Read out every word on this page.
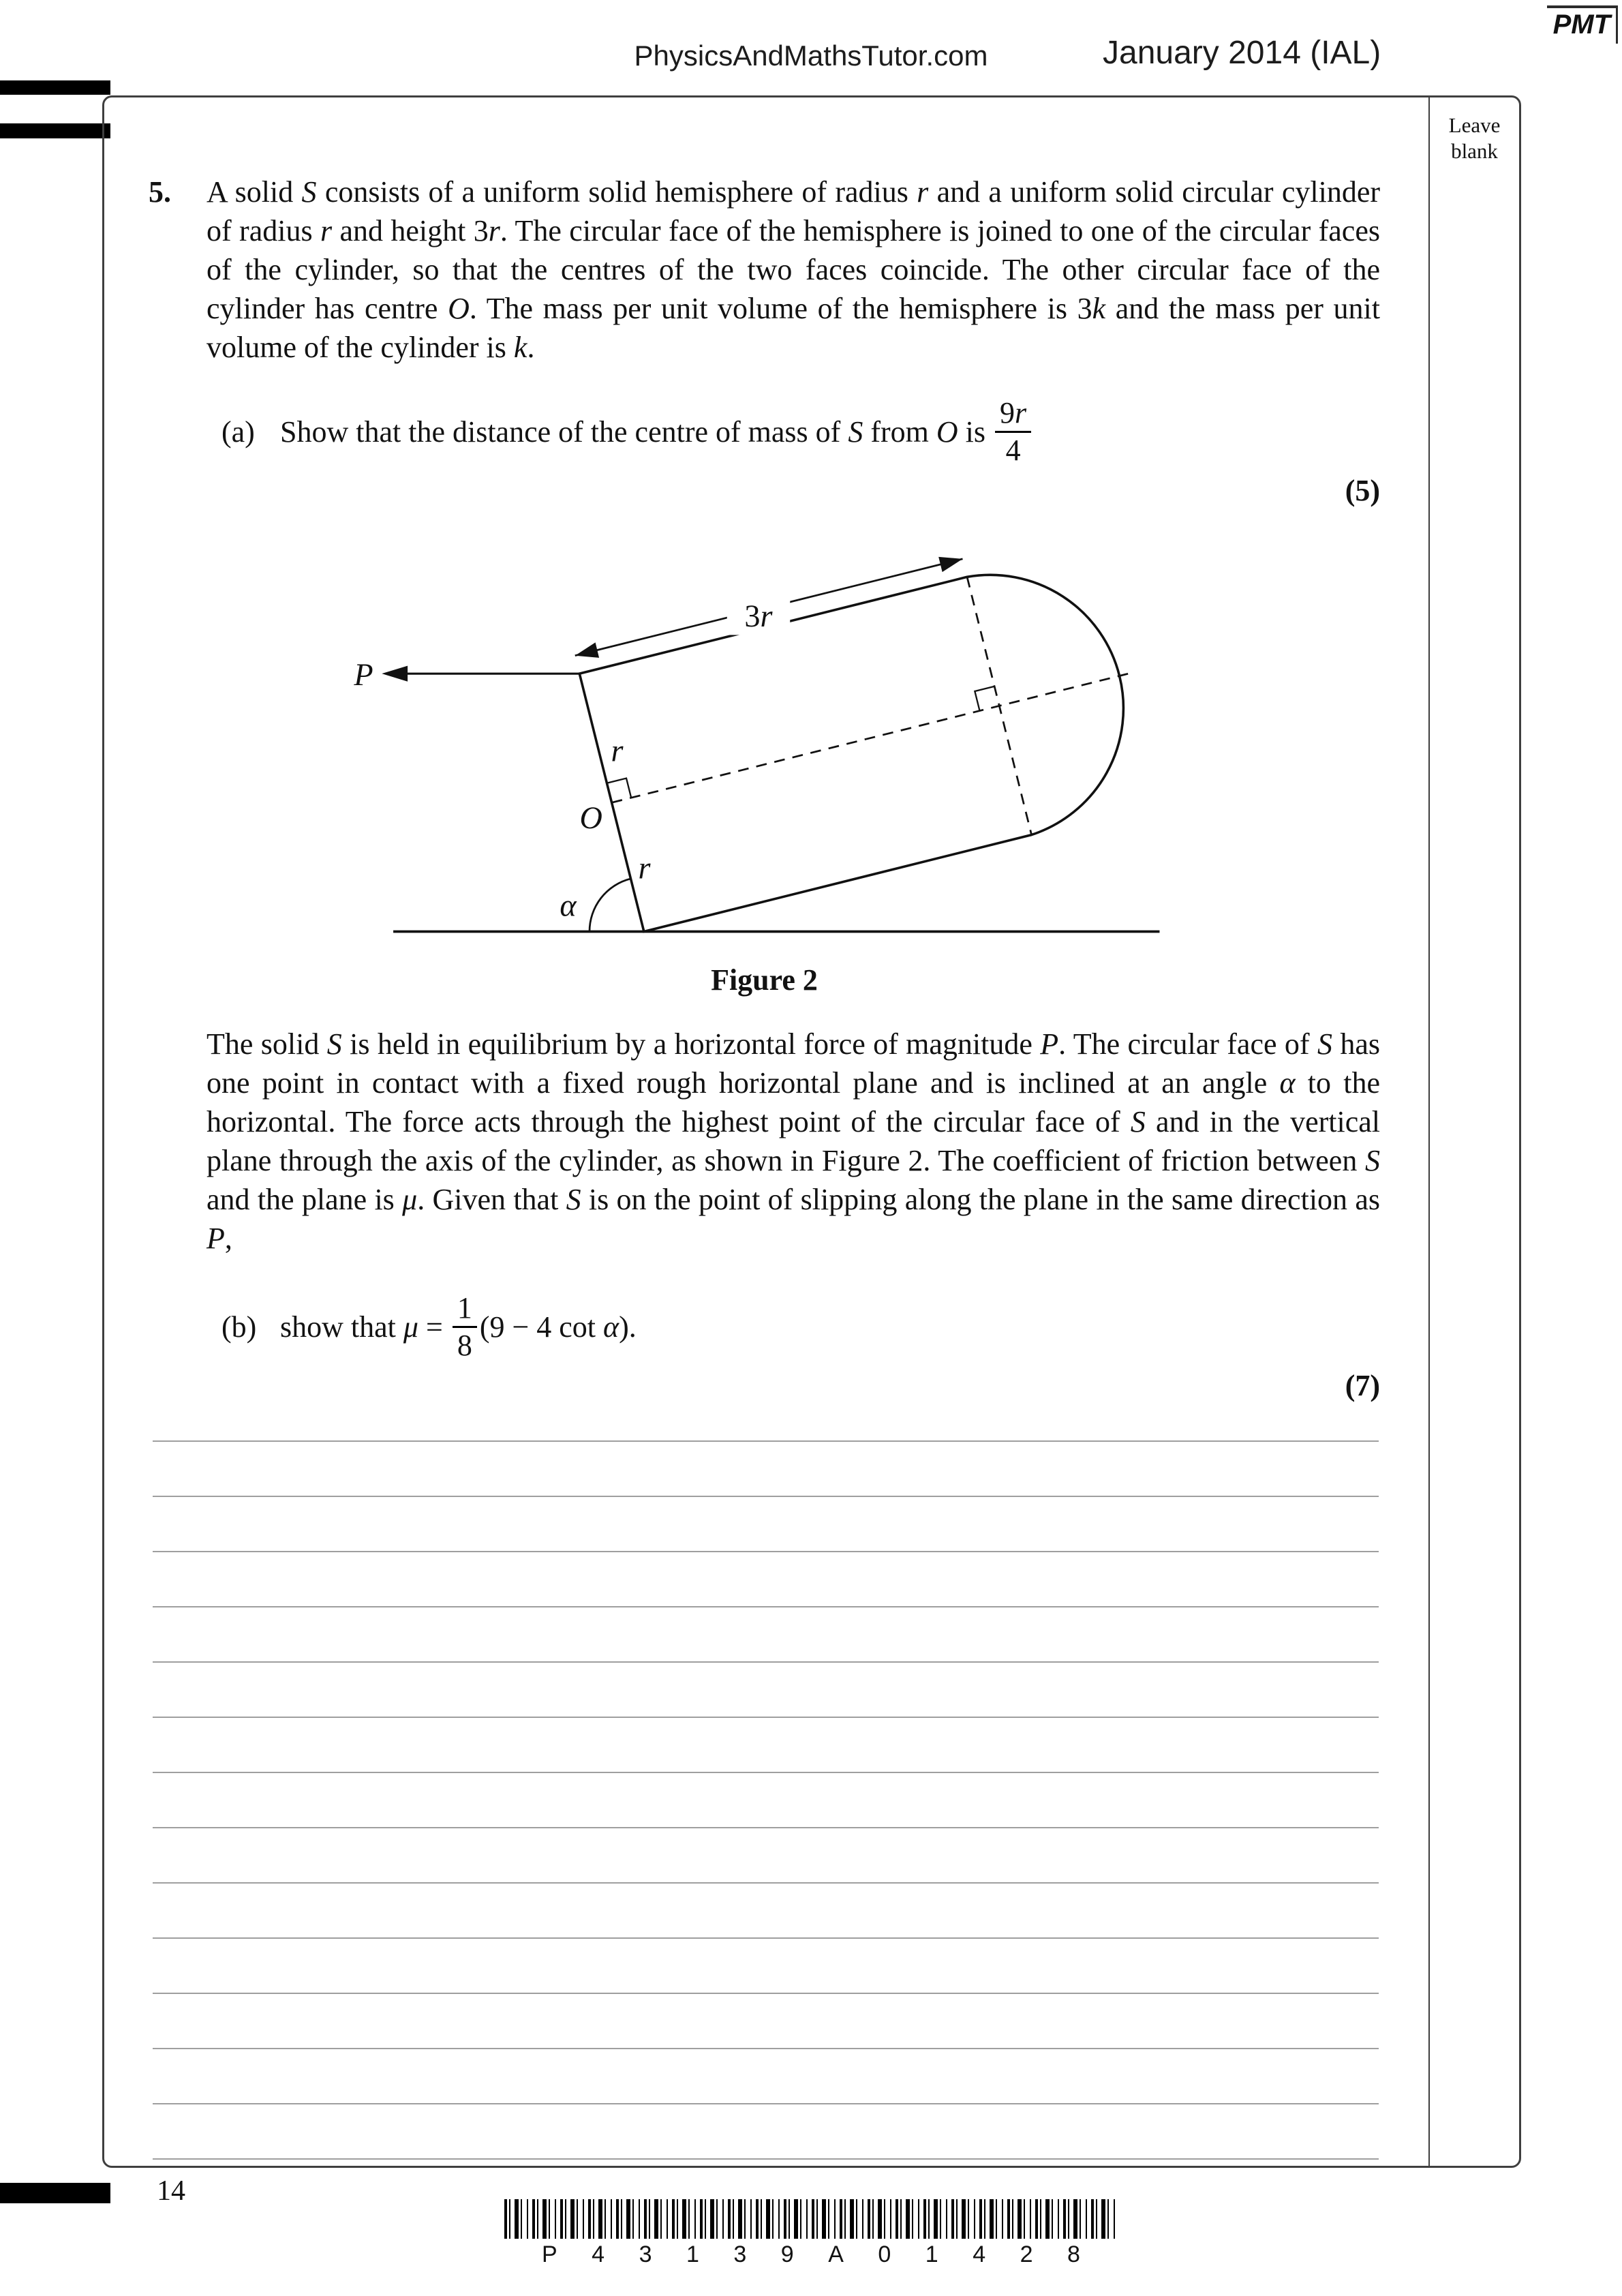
PhysicsAndMathsTutor.com	January 2014 (IAL)
PMT
Leave
blank
5.	A solid S consists of a uniform solid hemisphere of radius r and a uniform solid circular cylinder of radius r and height 3r. The circular face of the hemisphere is joined to one of the circular faces of the cylinder, so that the centres of the two faces coincide. The other circular face of the cylinder has centre O. The mass per unit volume of the hemisphere is 3k and the mass per unit volume of the cylinder is k.
(a) Show that the distance of the centre of mass of S from O is $\frac{9r}{4}$
(5)
P
3r
r
O
r
α
Figure 2
The solid S is held in equilibrium by a horizontal force of magnitude P. The circular face of S has one point in contact with a fixed rough horizontal plane and is inclined at an angle α to the horizontal. The force acts through the highest point of the circular face of S and in the vertical plane through the axis of the cylinder, as shown in Figure 2. The coefficient of friction between S and the plane is μ. Given that S is on the point of slipping along the plane in the same direction as P,
(b) show that $\mu = \frac{1}{8} (9 - 4$ cot α).
(7)
14
P 4 3 1 3 9 A 0 1 4 2 8
